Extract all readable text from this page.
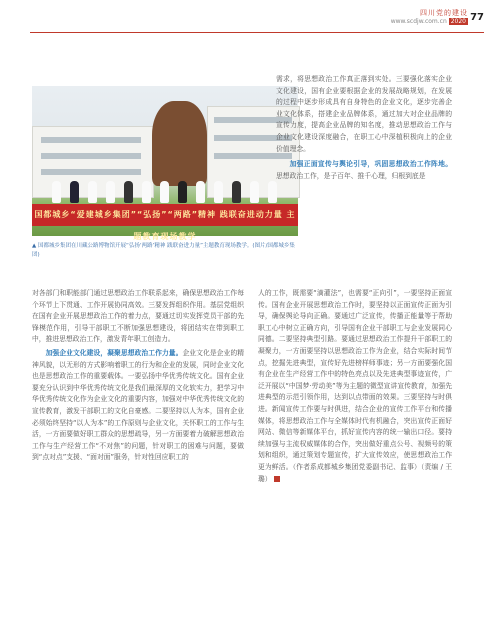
四川党的建设
www.scdjw.com.cn 2020 77
国都城乡“爱建城乡集团”“弘扬”“两路”精神 践联奋进动力量 主题教育现场教学
▲ 国都城乡集团在川藏公路博物馆开展“弘扬‘两路’精神 践联奋进力量”主题教育现场教学。(图片/国都城乡集团)

需求，将思想政治工作真正落到实处。三要强化落实企业文化建设，国有企业要根据企业的发展战略规划，在发展的过程中逐步形成具有自身特色的企业文化，逐步完善企业文化体系，搭建企业品牌体系，通过加大对企业品牌的宣传力度，提高企业品牌的知名度，推动思想政治工作与企业文化建设深度融合，在职工心中深植积极向上的企业价值理念。

加强正面宣传与舆论引导，巩固思想政治工作阵地。思想政治工作，是子百年、推千心理，归根到底是

对各部门和职能部门通过思想政治工作联系起来，确保思想政治工作每个环节上下贯通、工作开展协同高效。三要发挥组织作用。基层党组织在国有企业开展思想政治工作的着力点，要通过切实发挥党员干部的先锋模范作用，引导干部职工不断加强思想建设，将团结实在带到职工中，推进思想政治工作，激发青年职工创造力。

加强企业文化建设，凝聚思想政治工作力量。企业文化是企业的精神风貌，以无形的方式影响着职工的行为和企业的发展，同时企业文化也是思想政治工作的重要载体。一要弘扬中华优秀传统文化。国有企业要充分认识到中华优秀传统文化是我们最深厚的文化软实力，把学习中华优秀传统文化作为企业文化的重要内容，加强对中华优秀传统文化的宣传教育，激发干部职工的文化自豪感。二要坚持以人为本，国有企业必须始终坚持“以人为本”的工作原则与企业文化，关怀职工的工作与生活，一方面要做好职工群众的思想疏导，另一方面要着力破解思想政治工作与生产经营工作“不对焦”的问题，针对职工的困难与问题，要做到“点对点”支援、“面对面”服务，针对性回应职工的

人的工作，既需要“滴灌法”，也需要“正向引”，一要坚持正面宣传。国有企业开展思想政治工作时，要坚持以正面宣传正面为引导，确保舆论导向正确。要通过广泛宣传，传播正能量等于帮助职工心中树立正确方向，引导国有企业干部职工与企业发展同心同德。二要坚持典型引路。要通过思想政治工作提升干部职工的凝聚力，一方面要坚持以思想政治工作为企业，结合实际时间节点，挖掘先进典型，宣传好先进榜样师事迹；另一方面要强化国有企业在生产经营工作中的特色亮点以及先进典型事迹宣传，广泛开展以“中国梦·劳动美”等为主题的微型宣讲宣传教育，加强先进典型的示范引领作用，达到以点带面的效果。三要坚持与时俱进。新闻宣传工作要与时俱进，结合企业的宣传工作平台和传播媒体，将思想政治工作与全媒体时代有机融合，突出宣传正面好网站、微信等新媒体平台，抓好宣传内容的统一输出口径。要持续加强与主流权威媒体的合作，突出做好重点公号、视频号的策划和组织，通过策划专题宣传，扩大宣传效应，使思想政治工作更为鲜活。（作者系成都城乡集团党委副书记、监事）（责编 / 王璐）
